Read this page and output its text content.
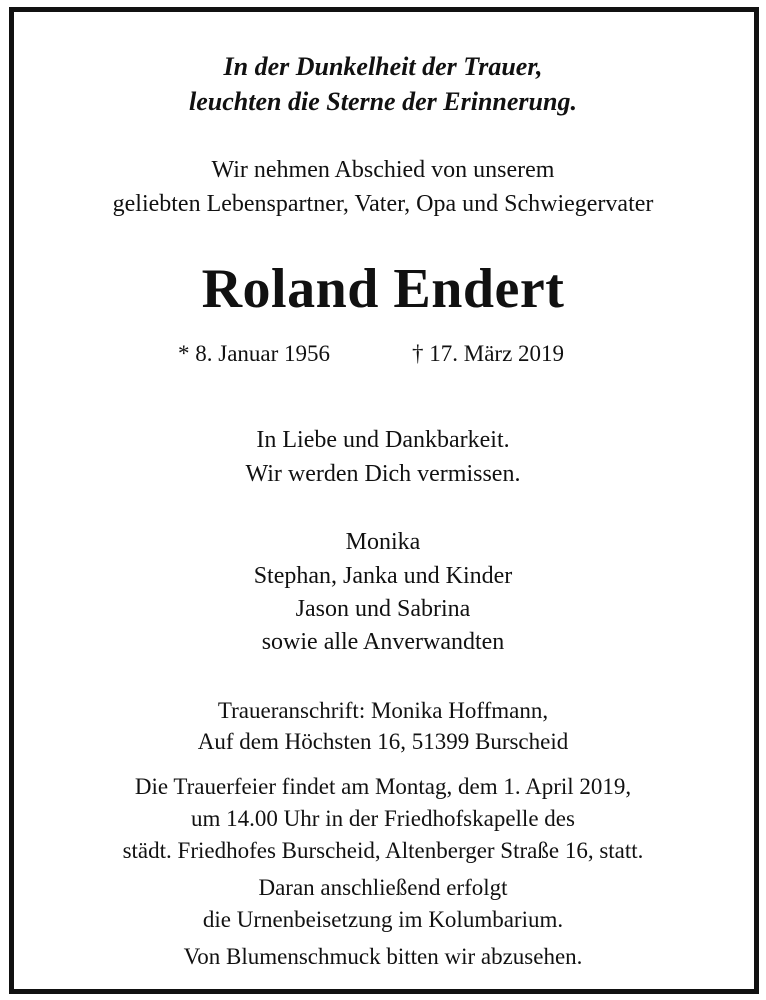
In der Dunkelheit der Trauer,
leuchten die Sterne der Erinnerung.
Wir nehmen Abschied von unserem
geliebten Lebenspartner, Vater, Opa und Schwiegervater
Roland Endert
* 8. Januar 1956	† 17. März 2019
In Liebe und Dankbarkeit.
Wir werden Dich vermissen.
Monika
Stephan, Janka und Kinder
Jason und Sabrina
sowie alle Anverwandten
Traueranschrift: Monika Hoffmann,
Auf dem Höchsten 16, 51399 Burscheid
Die Trauerfeier findet am Montag, dem 1. April 2019,
um 14.00 Uhr in der Friedhofskapelle des
städt. Friedhofes Burscheid, Altenberger Straße 16, statt.
Daran anschließend erfolgt
die Urnenbeisetzung im Kolumbarium.
Von Blumenschmuck bitten wir abzusehen.
